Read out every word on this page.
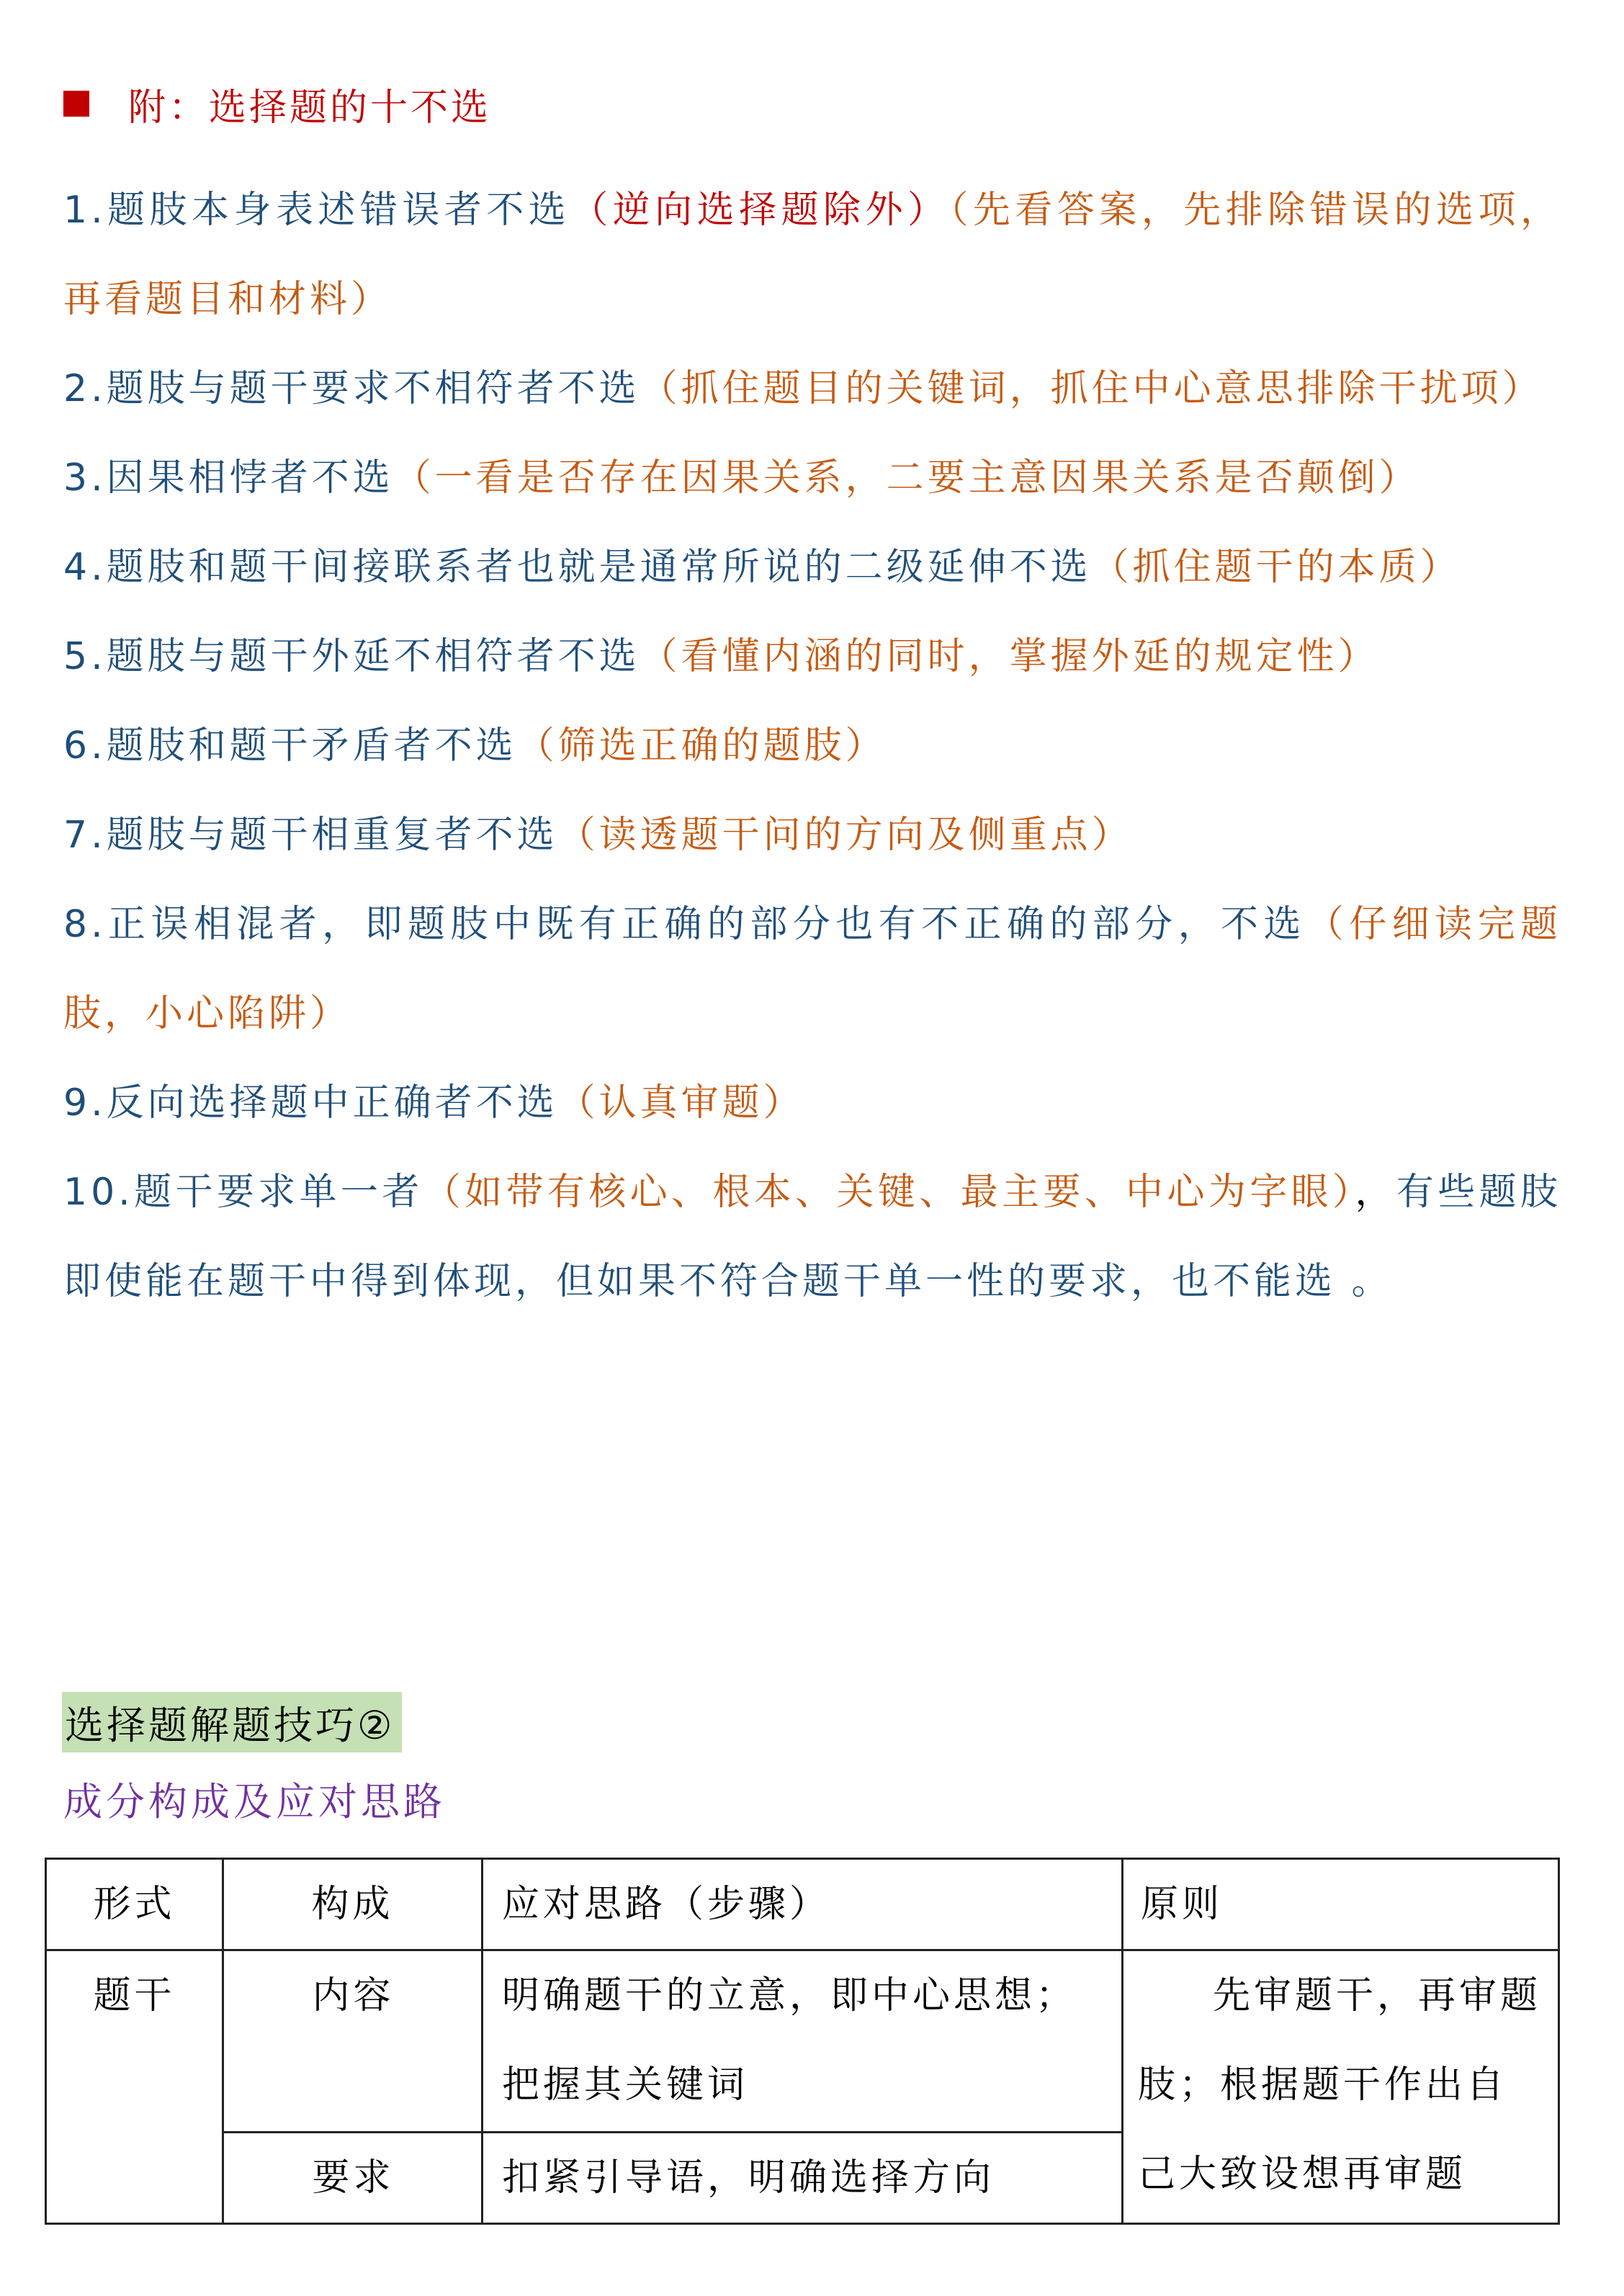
附：选择题的十不选

1.题肢本身表述错误者不选（逆向选择题除外）（先看答案，先排除错误的选项，再看题目和材料）

2.题肢与题干要求不相符者不选（抓住题目的关键词，抓住中心意思排除干扰项）

3.因果相悖者不选（一看是否存在因果关系，二要主意因果关系是否颠倒）

4.题肢和题干间接联系者也就是通常所说的二级延伸不选（抓住题干的本质）

5.题肢与题干外延不相符者不选（看懂内涵的同时，掌握外延的规定性）

6.题肢和题干矛盾者不选（筛选正确的题肢）

7.题肢与题干相重复者不选（读透题干问的方向及侧重点）

8.正误相混者，即题肢中既有正确的部分也有不正确的部分，不选（仔细读完题肢，小心陷阱）

9.反向选择题中正确者不选（认真审题）

10.题干要求单一者（如带有核心、根本、关键、最主要、中心为字眼），有些题肢即使能在题干中得到体现，但如果不符合题干单一性的要求，也不能选 。

选择题解题技巧②
成分构成及应对思路
形式	构成	应对思路（步骤）	原则

题干	内容	明确题干的立意，即中心思想；把握其关键词	先审题干，再审题肢；根据题干作出自己大致设想再审题

	要求	扣紧引导语，明确选择方向	
